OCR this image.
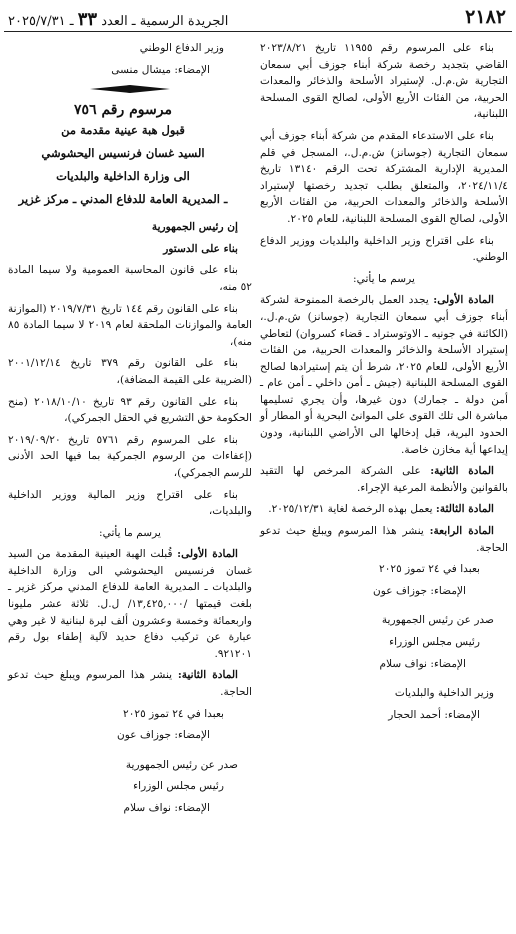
٢١٨٢
الجريدة الرسمية ـ العدد ٣٣ ـ ٢٠٢٥/٧/٣١

بناء على المرسوم رقم ١١٩٥٥ تاريخ ٢٠٢٣/٨/٢١ القاضي بتجديد رخصة شركة أبناء جوزف أبي سمعان التجارية ش.م.ل. لإستيراد الأسلحة والذخائر والمعدات الحربية، من الفئات الأربع الأولى، لصالح القوى المسلحة اللبنانية،

بناء على الاستدعاء المقدم من شركة أبناء جوزف أبي سمعان التجارية (جوسانز) ش.م.ل.، المسجل في قلم المديرية الإدارية المشتركة تحت الرقم ١٣١٤٠ تاريخ ٢٠٢٤/١١/٤، والمتعلق بطلب تجديد رخصتها لإستيراد الأسلحة والذخائر والمعدات الحربية، من الفئات الأربع الأولى، لصالح القوى المسلحة اللبنانية، للعام ٢٠٢٥.

بناء على اقتراح وزير الداخلية والبلديات ووزير الدفاع الوطني.

يرسم ما يأتي:

المادة الأولى: يجدد العمل بالرخصة الممنوحة لشركة أبناء جوزف أبي سمعان التجارية (جوسانز) ش.م.ل.، (الكائنة في جونيه ـ الاوتوستراد ـ قضاء كسروان) لتعاطي إستيراد الأسلحة والذخائر والمعدات الحربية، من الفئات الأربع الأولى، للعام ٢٠٢٥، شرط أن يتم إستيرادها لصالح القوى المسلحة اللبنانية (جيش ـ أمن داخلي ـ أمن عام ـ أمن دولة ـ جمارك) دون غيرها، وأن يجري تسليمها مباشرة الى تلك القوى على الموانئ البحرية أو المطار أو الحدود البرية، قبل إدخالها الى الأراضي اللبنانية، ودون إيداعها أية مخازن خاصة.

المادة الثانية: على الشركة المرخص لها التقيد بالقوانين والأنظمة المرعية الإجراء.

المادة الثالثة: يعمل بهذه الرخصة لغاية ٢٠٢٥/١٢/٣١.

المادة الرابعة: ينشر هذا المرسوم ويبلغ حيث تدعو الحاجة.

بعبدا في ٢٤ تموز ٢٠٢٥

الإمضاء: جوزاف عون

صدر عن رئيس الجمهورية

رئيس مجلس الوزراء

الإمضاء: نواف سلام

وزير الداخلية والبلديات

الإمضاء: أحمد الحجار

وزير الدفاع الوطني

الإمضاء: ميشال منسى

مرسوم رقم ٧٥٦

قبول هبة عينية مقدمة من

السيد غسان فرنسيس اليحشوشي

الى وزارة الداخلية والبلديات

ـ المديرية العامة للدفاع المدني ـ مركز غزير

إن رئيس الجمهورية

بناء على الدستور

بناء على قانون المحاسبة العمومية ولا سيما المادة ٥٢ منه،

بناء على القانون رقم ١٤٤ تاريخ ٢٠١٩/٧/٣١ (الموازنة العامة والموازنات الملحقة لعام ٢٠١٩ لا سيما المادة ٨٥ منه)،

بناء على القانون رقم ٣٧٩ تاريخ ٢٠٠١/١٢/١٤ (الضريبة على القيمة المضافة)،

بناء على القانون رقم ٩٣ تاريخ ٢٠١٨/١٠/١٠ (منح الحكومة حق التشريع في الحقل الجمركي)،

بناء على المرسوم رقم ٥٧٦١ تاريخ ٢٠١٩/٠٩/٢٠ (إعفاءات من الرسوم الجمركية بما فيها الحد الأدنى للرسم الجمركي)،

بناء على اقتراح وزير المالية ووزير الداخلية والبلديات،

يرسم ما يأتي:

المادة الأولى: قُبلت الهبة العينية المقدمة من السيد غسان فرنسيس اليحشوشي الى وزارة الداخلية والبلديات ـ المديرية العامة للدفاع المدني مركز غزير ـ بلغت قيمتها /١٣,٤٢٥,٠٠٠/ ل.ل. ثلاثة عشر مليونا واربعمائة وخمسة وعشرون ألف ليرة لبنانية لا غير وهي عبارة عن تركيب دفاع حديد لآلية إطفاء بول رقم ٩٢١٢٠١.

المادة الثانية: ينشر هذا المرسوم ويبلغ حيث تدعو الحاجة.

بعبدا في ٢٤ تموز ٢٠٢٥

الإمضاء: جوزاف عون

صدر عن رئيس الجمهورية

رئيس مجلس الوزراء

الإمضاء: نواف سلام
